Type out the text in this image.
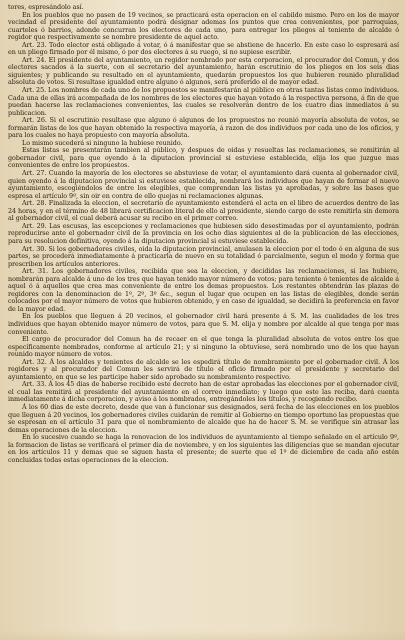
tores, espresándolo así.

En los pueblos que no pasen de 19 vecinos, se practicará esta operacion en el cabildo mismo. Pero en los de mayor vecindad el presidente del ayuntamiento podrá designar ademas los puntos que crea convenientes, por parroquias, cuarteles ó barrios, adonde concurran los electores de cada uno, para entregar los pliegos al teniente de alcalde ó regidor que respectivamente se nombre presidente de aquel acto.

Art. 23. Todo elector está obligado á votar, ó á manifestar que se abstiene de hacerlo. En este caso lo espresará así en un pliego firmado por él mismo, ó por dos electores á su ruego, si no supiese escribir.

Art. 24. El presidente del ayuntamiento, un regidor nombrado por esta corporacion, el procurador del Comun, y dos electores sacados á la suerte, con el secretario del ayuntamiento, harán escrutinio de los pliegos en los seis dias siguientes; y publicando su resultado en el ayuntamiento, quedarán propuestos los que hubieren reunido pluralidad absoluta de votos. Si resultase igualdad entre alguno ó algunos, será preferido el de mayor edad.

Art. 25. Los nombres de cada uno de los propuestos se manifestarán al público en otras tantas listas como individuos. Cada una de ellas irá acompañada de los nombres de los electores que hayan votado á la respectiva persona, á fin de que puedan hacerse las reclamaciones convenientes, las cuales se resolverán dentro de los cuatro dias inmediatos á su publicacion.

Art. 26. Si el escrutinio resultase que alguno ó algunos de los propuestos no reunió mayoría absoluta de votos, se formarán listas de los que hayan obtenido la respectiva mayoría, á razon de dos individuos por cada uno de los oficios, y para los cuales no haya propuesto con mayoría absoluta.

Lo mismo sucederá si ninguno la hubiese reunido.

Estas listas se presentarán tambien al público, y despues de oidas y resueltas las reclamaciones, se remitirán al gobernador civil, para que oyendo á la diputacion provincial si estuviese establecida, elija los que juzgue mas convenientes de entre los propuestos.

Art. 27. Cuando la mayoría de los electores se abstuviese de votar, el ayuntamiento dará cuenta al gobernador civil, quien oyendo á la diputacion provincial si estuviese establecida, nombrará los individuos que hayan de formar el nuevo ayuntamiento, escogiéndolos de entre los elegibles, que comprendan las listas ya aprobadas, y sobre las bases que espresa el artículo 9º, sin oir en contra de ello quejas ni reclamaciones algunas.

Art. 28. Finalizada la eleccion, el secretario de ayuntamiento estenderá el acta en el libro de acuerdos dentro de las 24 horas, y en el término de 48 librará certificacion literal de ello al presidente, siendo cargo de este remitirla sin demora al gobernador civil, el cual deberá acusar su recibo en el primer correo.

Art. 29. Las escusas, las escepciones y reclamaciones que hubiesen sido desestimadas por el ayuntamiento, podrán reproducirse ante el gobernador civil de la provincia en los ocho dias siguientes al de la publicacion de las elecciones, para su resolucion definitiva, oyendo á la diputacion provincial si estuviese establecida.

Art. 30. Si los gobernadores civiles, oida la diputacion provincial, anulasen la eleccion por el todo ó en alguna de sus partes, se procederá inmediatamente á practicarla de nuevo en su totalidad ó parcialmente, segun el modo y forma que prescriben los artículos anteriores.

Art. 31. Los gobernadores civiles, recibida que sea la eleccion, y decididas las reclamaciones, si las hubiere, nombrarán para alcalde á uno de los tres que hayan tenido mayor número de votos; para teniente ó tenientes de alcalde á aquel ó á aquellos que crea mas conveniente de entre los demas propuestos. Los restantes obtendrán las plazas de regidores con la denominacion de 1º, 2º, 3º &c., segun el lugar que ocupen en las listas de elegibles, donde serán colocados por el mayor número de votos que hubieren obtenido, y en caso de igualdad, se decidirá la preferencia en favor de la mayor edad.

En los pueblos que lleguen á 20 vecinos, el gobernador civil hará presente á S. M. las cualidades de los tres individuos que hayan obtenido mayor número de votos, para que S. M. elija y nombre por alcalde al que tenga por mas conveniente.

El cargo de procurador del Comun ha de recaer en el que tenga la pluralidad absoluta de votos entre los que específicamente nombrados, conforme al artículo 21; y si ninguno la obtuviese, será nombrado uno de los que hayan reunido mayor número de votos.

Art. 32. Á los alcaldes y tenientes de alcalde se les espedirá título de nombramiento por el gobernador civil. Á los regidores y al procurador del Comun les servirá de título el oficio firmado por el presidente y secretario del ayuntamiento, en que se les participe haber sido aprobado su nombramiento respectivo.

Art. 33. Á los 45 dias de haberse recibido este decreto han de estar aprobadas las elecciones por el gobernador civil, el cual las remitirá al presidente del ayuntamiento en el correo inmediato; y luego que este las reciba, dará cuenta inmediatamente á dicha corporacion, y aviso á los nombrados, entregándoles los títulos, y recogiendo recibo.

Á los 60 dias de este decreto, desde que van á funcionar sus designados, será fecha de las elecciones en los pueblos que lleguen á 20 vecinos, los gobernadores civiles cuidarán de remitir al Gobierno en tiempo oportuno las propuestas que se espresan en el artículo 31 para que el nombramiento de alcalde que ha de hacer S. M. se verifique sin atrasar las demas operaciones de la eleccion.

En lo sucesivo cuando se haga la renovacion de los individuos de ayuntamiento al tiempo señalado en el artículo 9º, la formacion de listas se verificará el primer dia de noviembre, y en los siguientes las diligencias que se mandan ejecutar en los artículos 11 y demas que se siguen hasta el presente; de suerte que el 1º de diciembre de cada año estén concluidas todas estas operaciones de la eleccion.
